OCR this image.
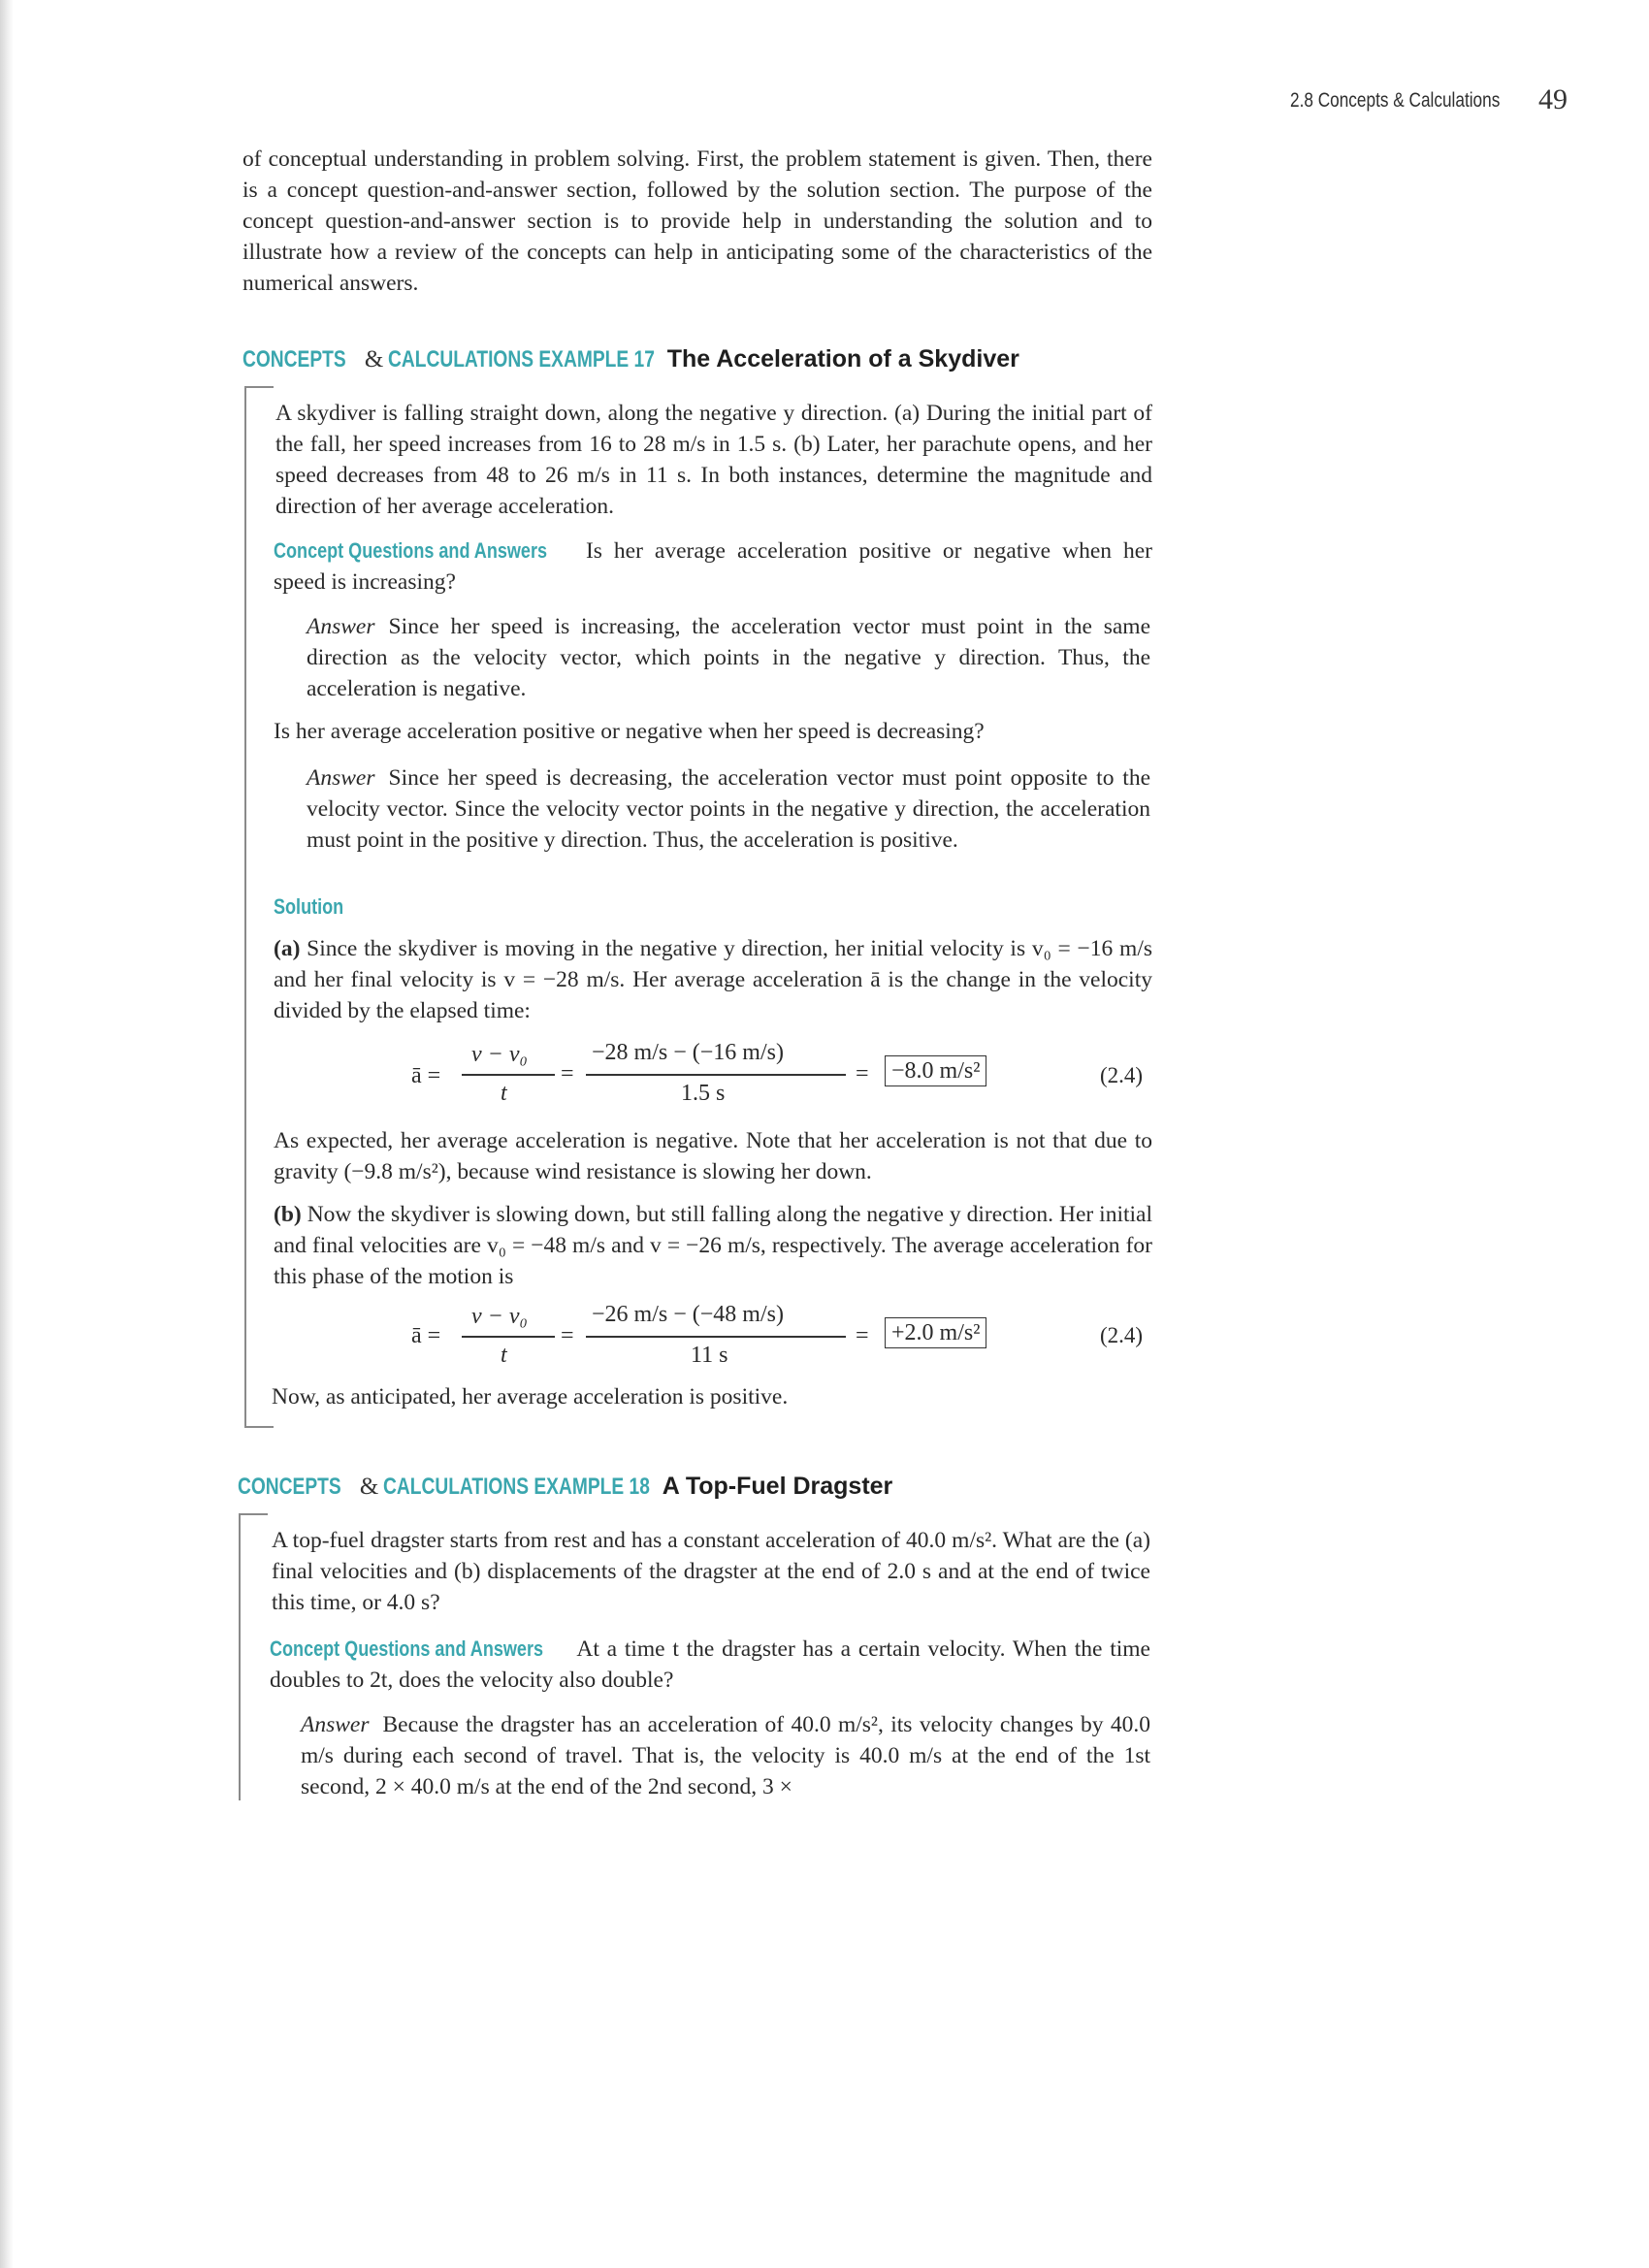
2.8 Concepts & Calculations 49
of conceptual understanding in problem solving. First, the problem statement is given. Then, there is a concept question-and-answer section, followed by the solution section. The purpose of the concept question-and-answer section is to provide help in understanding the solution and to illustrate how a review of the concepts can help in anticipating some of the characteristics of the numerical answers.
CONCEPTS & CALCULATIONS EXAMPLE 17 The Acceleration of a Skydiver
A skydiver is falling straight down, along the negative y direction. (a) During the initial part of the fall, her speed increases from 16 to 28 m/s in 1.5 s. (b) Later, her parachute opens, and her speed decreases from 48 to 26 m/s in 11 s. In both instances, determine the magnitude and direction of her average acceleration.
Concept Questions and Answers Is her average acceleration positive or negative when her speed is increasing?
Answer Since her speed is increasing, the acceleration vector must point in the same direction as the velocity vector, which points in the negative y direction. Thus, the acceleration is negative.
Is her average acceleration positive or negative when her speed is decreasing?
Answer Since her speed is decreasing, the acceleration vector must point opposite to the velocity vector. Since the velocity vector points in the negative y direction, the acceleration must point in the positive y direction. Thus, the acceleration is positive.
Solution
(a) Since the skydiver is moving in the negative y direction, her initial velocity is v₀ = −16 m/s and her final velocity is v = −28 m/s. Her average acceleration ā is the change in the velocity divided by the elapsed time:
ā =
v − v₀
t
=
−28 m/s − (−16 m/s)
1.5 s
= −8.0 m/s²	(2.4)
As expected, her average acceleration is negative. Note that her acceleration is not that due to gravity (−9.8 m/s²), because wind resistance is slowing her down.
(b) Now the skydiver is slowing down, but still falling along the negative y direction. Her initial and final velocities are v₀ = −48 m/s and v = −26 m/s, respectively. The average acceleration for this phase of the motion is
ā =
v − v₀
t
=
−26 m/s − (−48 m/s)
11 s
= +2.0 m/s²	(2.4)
Now, as anticipated, her average acceleration is positive.
CONCEPTS & CALCULATIONS EXAMPLE 18 A Top-Fuel Dragster
A top-fuel dragster starts from rest and has a constant acceleration of 40.0 m/s². What are the (a) final velocities and (b) displacements of the dragster at the end of 2.0 s and at the end of twice this time, or 4.0 s?
Concept Questions and Answers At a time t the dragster has a certain velocity. When the time doubles to 2t, does the velocity also double?
Answer Because the dragster has an acceleration of 40.0 m/s², its velocity changes by 40.0 m/s during each second of travel. That is, the velocity is 40.0 m/s at the end of the 1st second, 2 × 40.0 m/s at the end of the 2nd second, 3 ×
